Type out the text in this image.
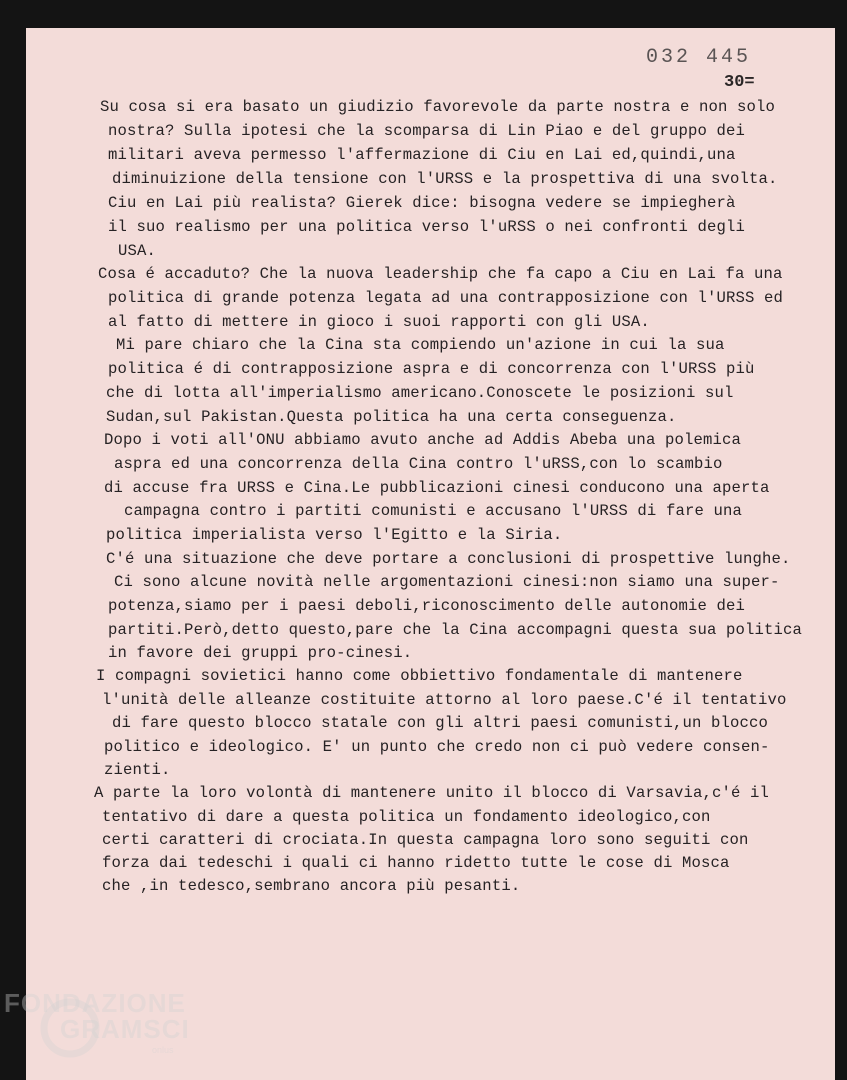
032 445
30=
Su cosa si era basato un giudizio favorevole da parte nostra e non solo
nostra? Sulla ipotesi che la scomparsa di Lin Piao e del gruppo dei
militari aveva permesso l'affermazione di Ciu en Lai ed,quindi,una
diminuizione della tensione con l'URSS e la prospettiva di una svolta.
Ciu en Lai più realista? Gierek dice: bisogna vedere se impiegherà
il suo realismo per una politica verso l'uRSS o nei confronti degli
USA.
Cosa é accaduto? Che la nuova leadership che fa capo a Ciu en Lai fa una
politica di grande potenza legata ad una contrapposizione con l'URSS ed
al fatto di mettere in gioco i suoi rapporti con gli USA.
Mi pare chiaro che la Cina sta compiendo un'azione in cui la sua
politica é di contrapposizione aspra e di concorrenza con l'URSS più
che di lotta all'imperialismo americano.Conoscete le posizioni sul
Sudan,sul Pakistan.Questa politica ha una certa conseguenza.
Dopo i voti all'ONU abbiamo avuto anche ad Addis Abeba una polemica
aspra ed una concorrenza della Cina contro l'uRSS,con lo scambio
di accuse fra URSS e Cina.Le pubblicazioni cinesi conducono una aperta
campagna contro i partiti comunisti e accusano l'URSS di fare una
politica imperialista verso l'Egitto e la Siria.
C'é una situazione che deve portare a conclusioni di prospettive lunghe.
Ci sono alcune novità nelle argomentazioni cinesi:non siamo una super-
potenza,siamo per i paesi deboli,riconoscimento delle autonomie dei
partiti.Però,detto questo,pare che la Cina accompagni questa sua politica
in favore dei gruppi pro-cinesi.
I compagni sovietici hanno come obbiettivo fondamentale di mantenere
l'unità delle alleanze costituite attorno al loro paese.C'é il tentativo
di fare questo blocco statale con gli altri paesi comunisti,un blocco
politico e ideologico. E' un punto che credo non ci può vedere consen-
zienti.
A parte la loro volontà di mantenere unito il blocco di Varsavia,c'é il
tentativo di dare a questa politica un fondamento ideologico,con
certi caratteri di crociata.In questa campagna loro sono seguiti con
forza dai tedeschi i quali ci hanno ridetto tutte le cose di Mosca
che ,in tedesco,sembrano ancora più pesanti.
FONDAZIONE
GRAMSCI
onlus
